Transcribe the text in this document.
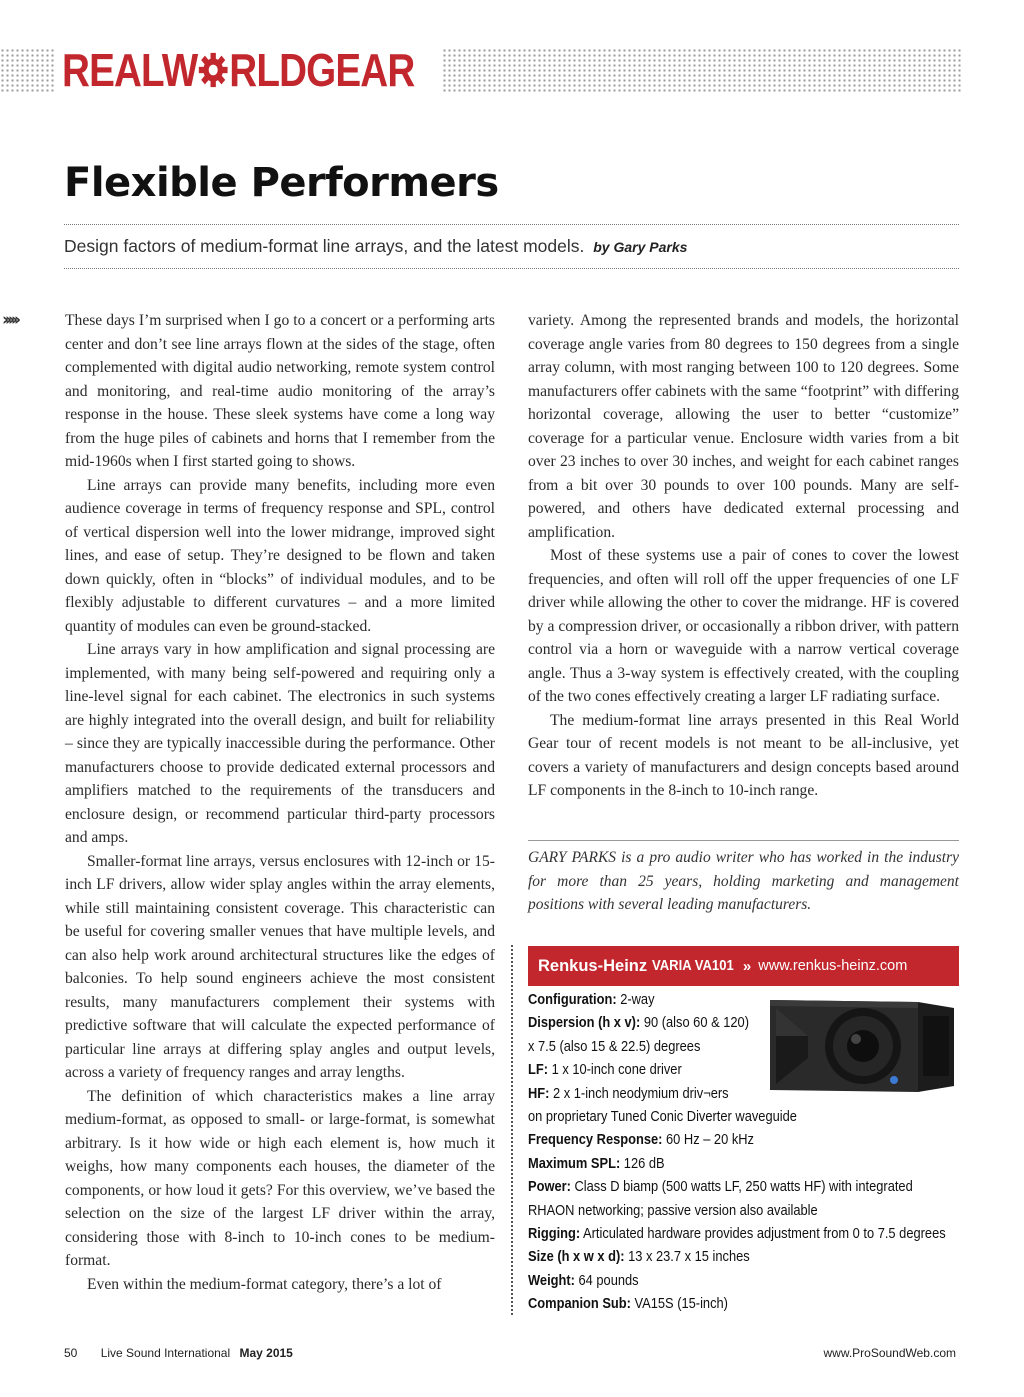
REALW RLDGEAR
Flexible Performers
Design factors of medium-format line arrays, and the latest models. by Gary Parks
›››››	These days I’m surprised when I go to a concert or a performing arts center and don’t see line arrays flown at the sides of the stage, often complemented with digital audio networking, remote system control and monitoring, and real-time audio monitoring of the array’s response in the house. These sleek systems have come a long way from the huge piles of cabinets and horns that I remember from the mid-1960s when I first started going to shows.

Line arrays can provide many benefits, including more even audience coverage in terms of frequency response and SPL, control of vertical dispersion well into the lower midrange, improved sight lines, and ease of setup. They’re designed to be flown and taken down quickly, often in “blocks” of individual modules, and to be flexibly adjustable to different curvatures – and a more limited quantity of modules can even be ground-stacked.

Line arrays vary in how amplification and signal processing are implemented, with many being self-powered and requiring only a line-level signal for each cabinet. The electronics in such systems are highly integrated into the overall design, and built for reliability – since they are typically inaccessible during the performance. Other manufacturers choose to provide dedicated external processors and amplifiers matched to the requirements of the transducers and enclosure design, or recommend particular third-party processors and amps.

Smaller-format line arrays, versus enclosures with 12-inch or 15-inch LF drivers, allow wider splay angles within the array elements, while still maintaining consistent coverage. This characteristic can be useful for covering smaller venues that have multiple levels, and can also help work around architectural structures like the edges of balconies. To help sound engineers achieve the most consistent results, many manufacturers complement their systems with predictive software that will calculate the expected performance of particular line arrays at differing splay angles and output levels, across a variety of frequency ranges and array lengths.

The definition of which characteristics makes a line array medium-format, as opposed to small- or large-format, is somewhat arbitrary. Is it how wide or high each element is, how much it weighs, how many components each houses, the diameter of the components, or how loud it gets? For this overview, we’ve based the selection on the size of the largest LF driver within the array, considering those with 8-inch to 10-inch cones to be medium-format.

Even within the medium-format category, there’s a lot of

variety. Among the represented brands and models, the horizontal coverage angle varies from 80 degrees to 150 degrees from a single array column, with most ranging between 100 to 120 degrees. Some manufacturers offer cabinets with the same “footprint” with differing horizontal coverage, allowing the user to better “customize” coverage for a particular venue. Enclosure width varies from a bit over 23 inches to over 30 inches, and weight for each cabinet ranges from a bit over 30 pounds to over 100 pounds. Many are self-powered, and others have dedicated external processing and amplification.

Most of these systems use a pair of cones to cover the lowest frequencies, and often will roll off the upper frequencies of one LF driver while allowing the other to cover the midrange. HF is covered by a compression driver, or occasionally a ribbon driver, with pattern control via a horn or waveguide with a narrow vertical coverage angle. Thus a 3-way system is effectively created, with the coupling of the two cones effectively creating a larger LF radiating surface.

The medium-format line arrays presented in this Real World Gear tour of recent models is not meant to be all-inclusive, yet covers a variety of manufacturers and design concepts based around LF components in the 8-inch to 10-inch range.

GARY PARKS is a pro audio writer who has worked in the industry for more than 25 years, holding marketing and management positions with several leading manufacturers.

Renkus-Heinz VARIA VA101 » www.renkus-heinz.com
Configuration: 2-way
Dispersion (h x v): 90 (also 60 & 120)
x 7.5 (also 15 & 22.5) degrees
LF: 1 x 10-inch cone driver
HF: 2 x 1-inch neodymium driv¬ers
on proprietary Tuned Conic Diverter waveguide
Frequency Response: 60 Hz – 20 kHz
Maximum SPL: 126 dB
Power: Class D biamp (500 watts LF, 250 watts HF) with integrated
RHAON networking; passive version also available
Rigging: Articulated hardware provides adjustment from 0 to 7.5 degrees
Size (h x w x d): 13 x 23.7 x 15 inches
Weight: 64 pounds
Companion Sub: VA15S (15-inch)
50 Live Sound International May 2015	www.ProSoundWeb.com
